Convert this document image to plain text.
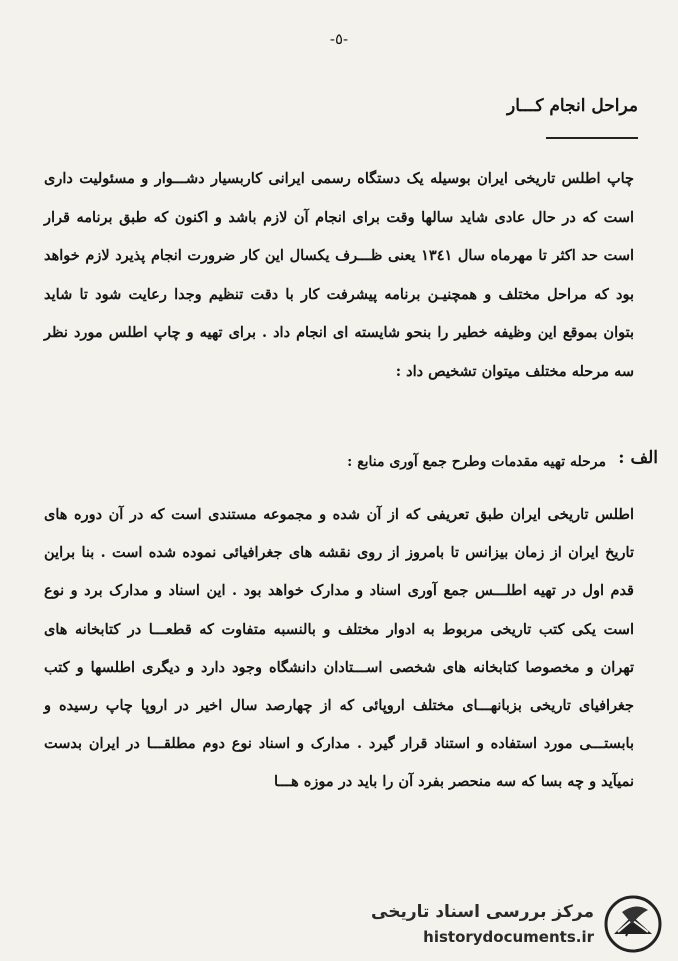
-٥-
مراحل انجام کـــار
چاپ اطلس تاریخی ایران بوسیله یک دستگاه رسمی ایرانی کاربسیار دشـــوار و مسئولیت داری است که در حال عادی شاید سالها وقت برای انجام آن لازم باشد و اکنون که طبق برنامه قرار است حد اکثر تا مهرماه سال ۱۳٤۱ یعنی ظـــرف یکسال این کار ضرورت انجام پذیرد لازم خواهد بود که مراحل مختلف و همچنیـن برنامه پیشرفت کار با دقت تنظیم وجدا رعایت شود تا شاید بتوان بموقع این وظیفه خطیر را بنحو شایسته ای انجام داد . برای تهیه و چاپ اطلس مورد نظر سه مرحله مختلف میتوان تشخیص داد :
الف :
مرحله تهیه مقدمات وطرح جمع آوری منابع :
اطلس تاریخی ایران طبق تعریفی که از آن شده و مجموعه مستندی است که در آن دوره های تاریخ ایران از زمان بیزانس تا بامروز از روی نقشه های جغرافیائی نموده شده است . بنا براین قدم اول در تهیه اطلـــس جمع آوری اسناد و مدارک خواهد بود . این اسناد و مدارک برد و نوع است یکی کتب تاریخی مربوط به ادوار مختلف و بالنسبه متفاوت که قطعـــا در کتابخانه های تهران و مخصوصا کتابخانه های شخصی اســـتادان دانشگاه وجود دارد و دیگری اطلسها و کتب جغرافیای تاریخی بزبانهـــای مختلف اروپائی که از چهارصد سال اخیر در اروپا چاپ رسیده و بابستـــی مورد استفاده و استناد قرار گیرد . مدارک و اسناد نوع دوم مطلقـــا در ایران بدست نمیآید و چه بسا که سه منحصر بفرد آن را باید در موزه هـــا
مرکز بررسی اسناد تاریخی
historydocuments.ir
